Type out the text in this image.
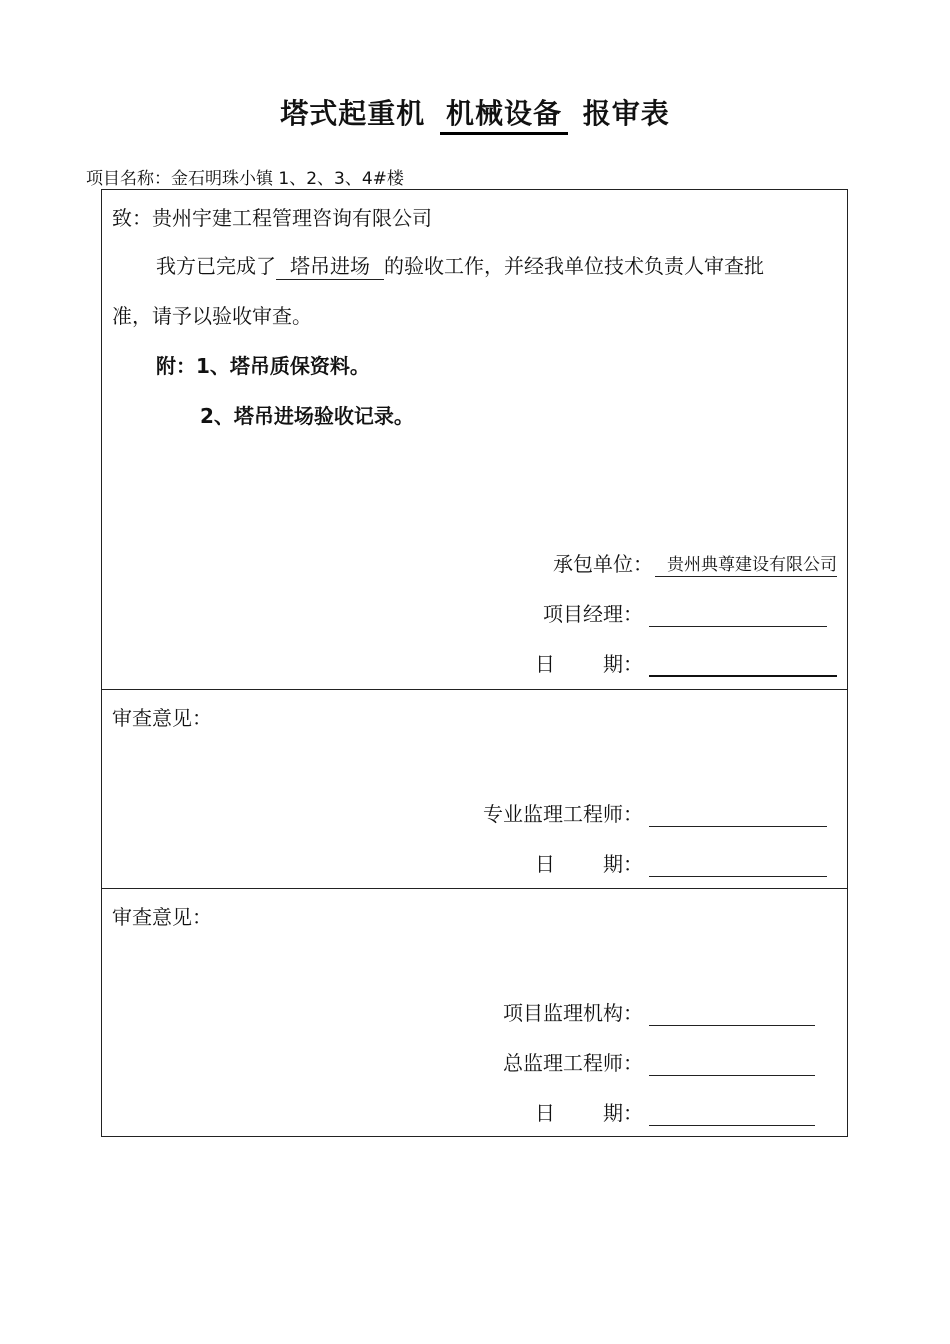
塔式起重机 机械设备 报审表
项目名称：金石明珠小镇 1、2、3、4#楼
致：贵州宇建工程管理咨询有限公司
我方已完成了 塔吊进场 的验收工作，并经我单位技术负责人审查批
准，请予以验收审查。
附：1、塔吊质保资料。
2、塔吊进场验收记录。
承包单位： 贵州典尊建设有限公司
项目经理：
日 期：
审查意见：
专业监理工程师：
日 期：
审查意见：
项目监理机构：
总监理工程师：
日 期：
